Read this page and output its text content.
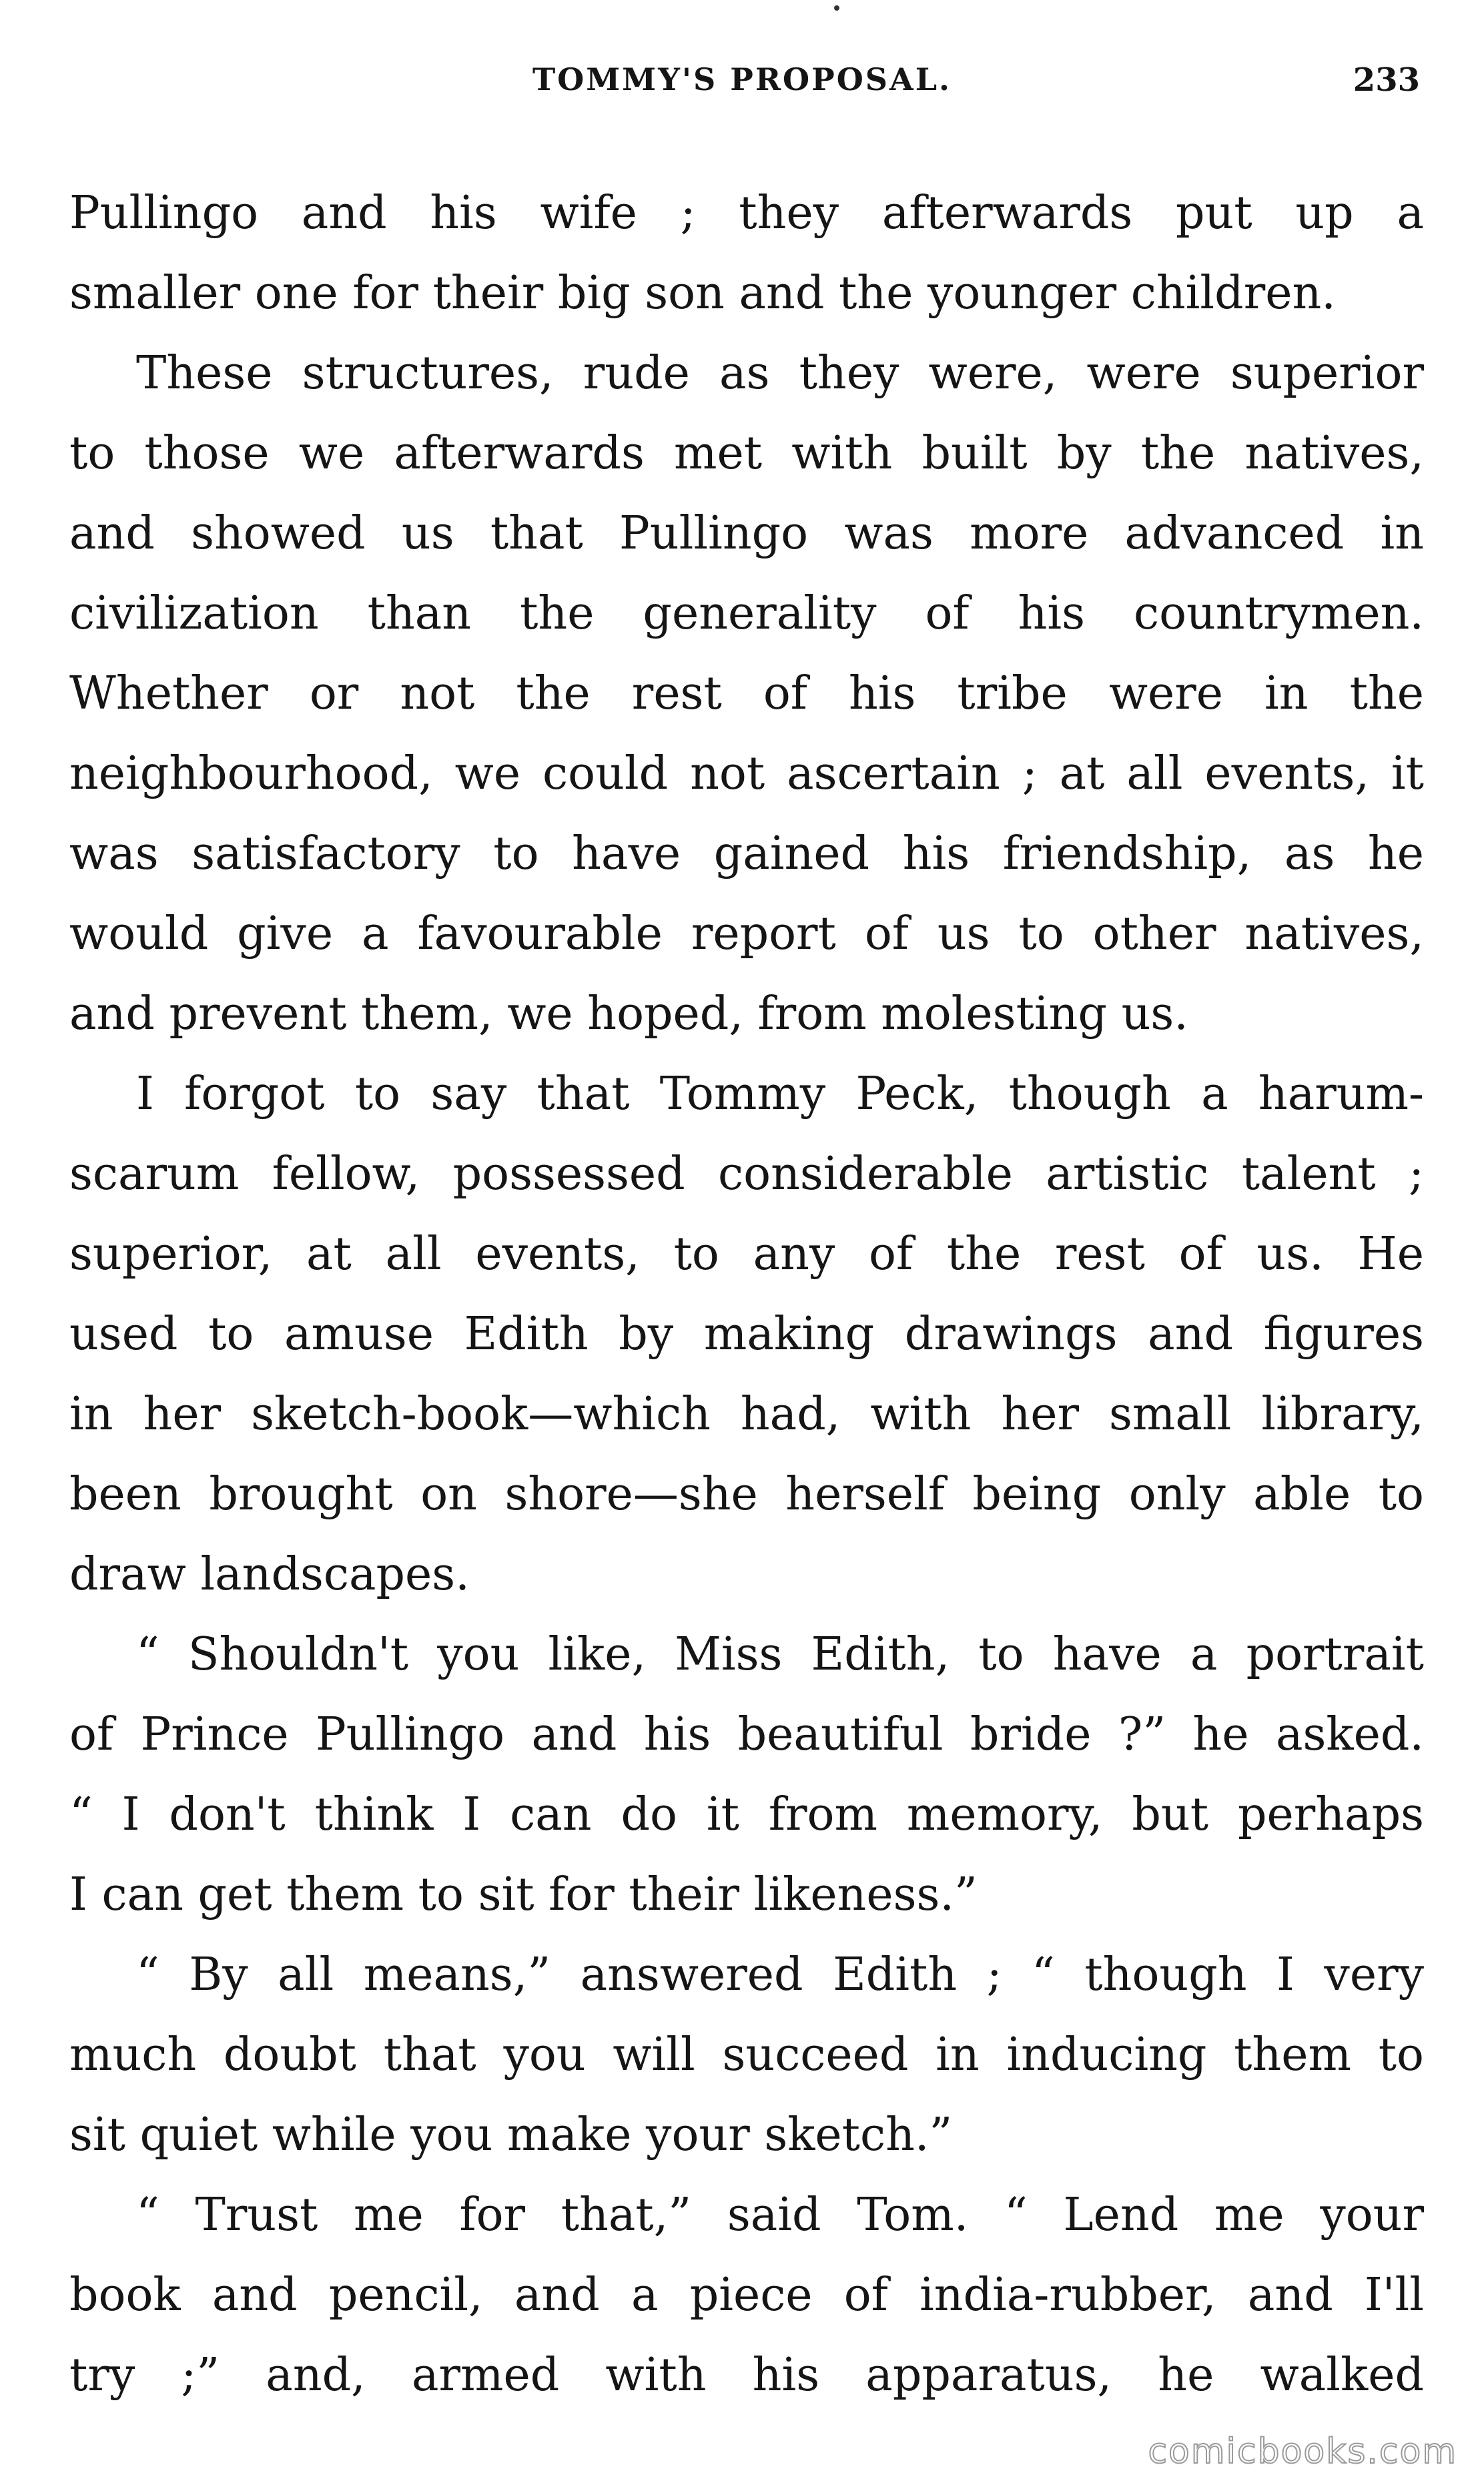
TOMMY'S PROPOSAL.	233
Pullingo and his wife ; they afterwards put up a
smaller one for their big son and the younger children.
These structures, rude as they were, were superior
to those we afterwards met with built by the natives,
and showed us that Pullingo was more advanced in
civilization than the generality of his countrymen.
Whether or not the rest of his tribe were in the
neighbourhood, we could not ascertain ; at all events, it
was satisfactory to have gained his friendship, as he
would give a favourable report of us to other natives,
and prevent them, we hoped, from molesting us.
I forgot to say that Tommy Peck, though a harum-
scarum fellow, possessed considerable artistic talent ;
superior, at all events, to any of the rest of us. He
used to amuse Edith by making drawings and figures
in her sketch-book—which had, with her small library,
been brought on shore—she herself being only able to
draw landscapes.
“ Shouldn't you like, Miss Edith, to have a portrait
of Prince Pullingo and his beautiful bride ?” he asked.
“ I don't think I can do it from memory, but perhaps
I can get them to sit for their likeness.”
“ By all means,” answered Edith ; “ though I very
much doubt that you will succeed in inducing them to
sit quiet while you make your sketch.”
“ Trust me for that,” said Tom. “ Lend me your
book and pencil, and a piece of india-rubber, and I'll
try ;” and, armed with his apparatus, he walked
comicbooks.com
